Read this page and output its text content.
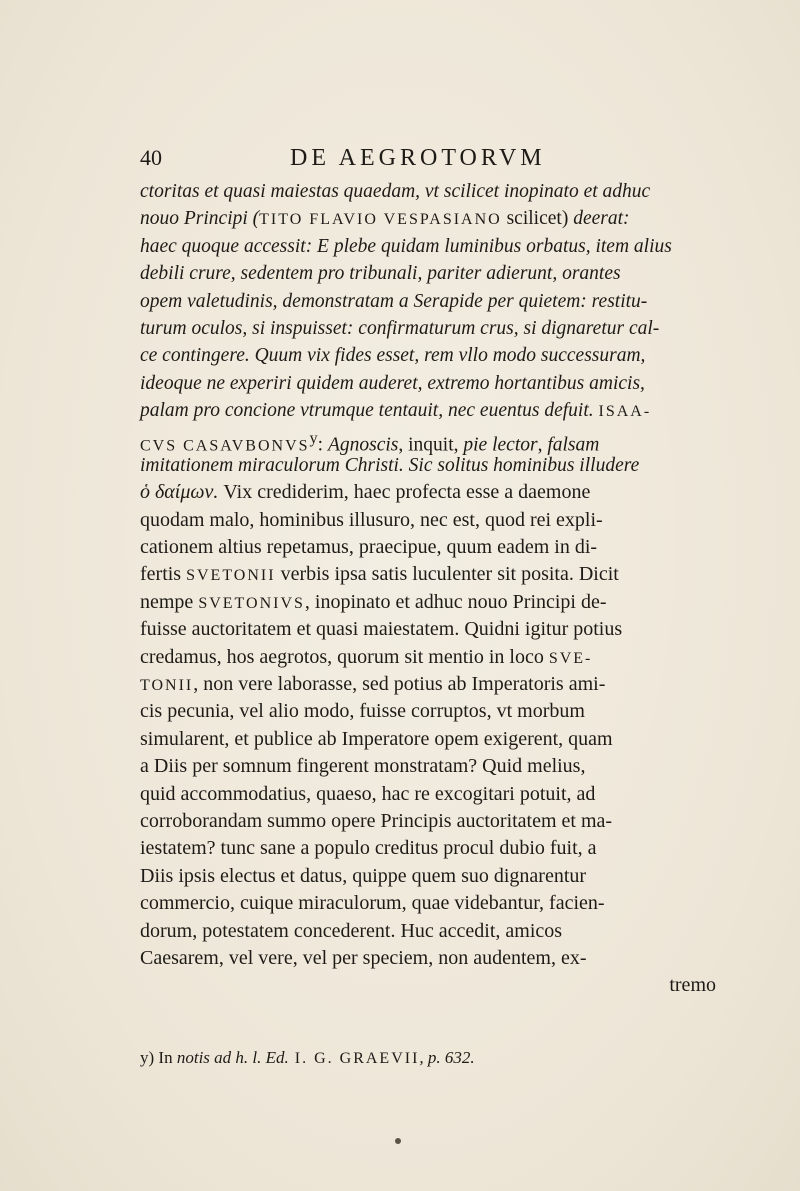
40	DE AEGROTORVM
ctoritas et quasi maiestas quaedam, vt scilicet inopinato et adhuc
nouo Principi (TITO FLAVIO VESPASIANO scilicet) deerat:
haec quoque accessit: E plebe quidam luminibus orbatus, item alius
debili crure, sedentem pro tribunali, pariter adierunt, orantes
opem valetudinis, demonstratam a Serapide per quietem: restitu-
turum oculos, si inspuisset: confirmaturum crus, si dignaretur cal-
ce contingere. Quum vix fides esset, rem vllo modo successuram,
ideoque ne experiri quidem auderet, extremo hortantibus amicis,
palam pro concione vtrumque tentauit, nec euentus defuit. ISAA-
CVS CASAVBONVS$^y$: Agnoscis, inquit, pie lector, falsam
imitationem miraculorum Christi. Sic solitus hominibus illudere
ὁ δαίμων. Vix crediderim, haec profecta esse a daemone
quodam malo, hominibus illusuro, nec est, quod rei expli-
cationem altius repetamus, praecipue, quum eadem in di-
fertis SVETONII verbis ipsa satis luculenter sit posita. Dicit
nempe SVETONIVS, inopinato et adhuc nouo Principi de-
fuisse auctoritatem et quasi maiestatem. Quidni igitur potius
credamus, hos aegrotos, quorum sit mentio in loco SVE-
TONII, non vere laborasse, sed potius ab Imperatoris ami-
cis pecunia, vel alio modo, fuisse corruptos, vt morbum
simularent, et publice ab Imperatore opem exigerent, quam
a Diis per somnum fingerent monstratam? Quid melius,
quid accommodatius, quaeso, hac re excogitari potuit, ad
corroborandam summo opere Principis auctoritatem et ma-
iestatem? tunc sane a populo creditus procul dubio fuit, a
Diis ipsis electus et datus, quippe quem suo dignarentur
commercio, cuique miraculorum, quae videbantur, facien-
dorum, potestatem concederent. Huc accedit, amicos
Caesarem, vel vere, vel per speciem, non audentem, ex-
tremo
y) In notis ad h. l. Ed. I. G. GRAEVII, p. 632.
